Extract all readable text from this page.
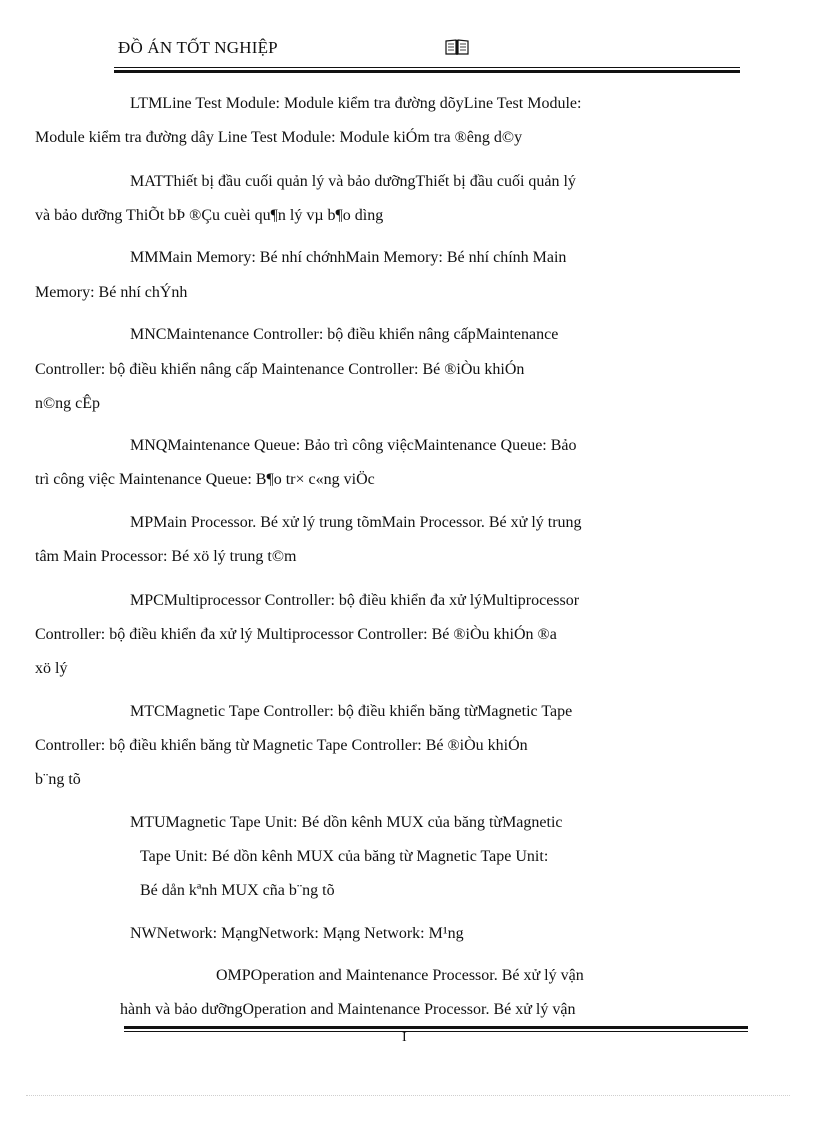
ĐỒ ÁN TỐT NGHIỆP
LTMLine Test Module: Module kiểm tra đường dõyLine Test Module:
Module kiểm tra đường dây Line Test Module: Module kiÓm tra ®êng d©y
MATThiết bị đầu cuối quản lý và bảo dưỡngThiết bị đầu cuối quản lý
và bảo dưỡng ThiÕt bÞ ®Çu cuèi qu¶n lý vµ b¶o dìng
MMMain Memory: Bé nhí chớnhMain Memory: Bé nhí chính Main
Memory: Bé nhí chÝnh
MNCMaintenance Controller: bộ điều khiển nâng cấpMaintenance
Controller: bộ điều khiển nâng cấp Maintenance Controller: Bé ®iÒu khiÓn
n©ng cÊp
MNQMaintenance Queue: Bảo trì công việcMaintenance Queue: Bảo
trì công việc Maintenance Queue: B¶o tr× c«ng viÖc
MPMain Processor. Bé xử lý trung tõmMain Processor. Bé xử lý trung
tâm Main Processor: Bé xö lý trung t©m
MPCMultiprocessor Controller: bộ điều khiển đa xử lýMultiprocessor
Controller: bộ điều khiển đa xử lý Multiprocessor Controller: Bé ®iÒu khiÓn ®a
xö lý
MTCMagnetic Tape Controller: bộ điều khiển băng từMagnetic Tape
Controller: bộ điều khiển băng từ Magnetic Tape Controller: Bé ®iÒu khiÓn
b¨ng tõ
MTUMagnetic Tape Unit: Bé dồn kênh MUX của băng từMagnetic
Tape Unit: Bé dồn kênh MUX của băng từ Magnetic Tape Unit:
Bé dån kªnh MUX cña b¨ng tõ
NWNetwork: MạngNetwork: Mạng Network: M¹ng
OMPOperation and Maintenance Processor. Bé xử lý vận
hành và bảo dưỡngOperation and Maintenance Processor. Bé xử lý vận
I
